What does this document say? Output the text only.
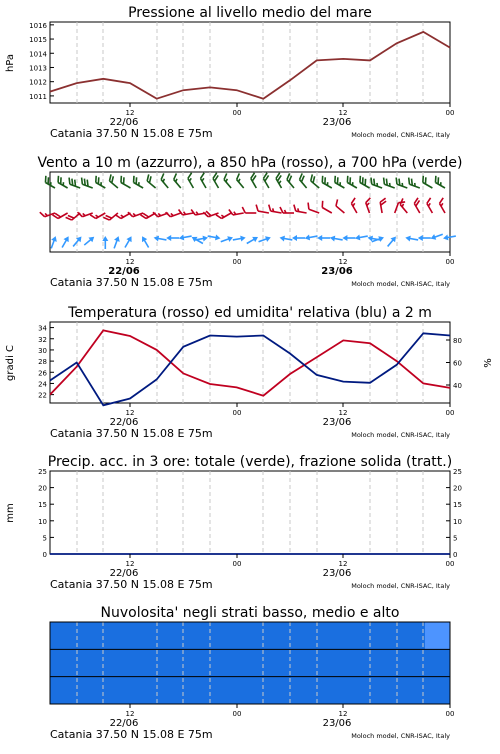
Pressione al livello medio del mare
1011
1012
1013
1014
1015
1016
hPa
12	00	12	00
22/06	23/06
Catania 37.50 N 15.08 E 75m	Moloch model, CNR-ISAC, Italy
Vento a 10 m (azzurro), a 850 hPa (rosso), a 700 hPa (verde)
12	00	12	00
22/06	23/06
Catania 37.50 N 15.08 E 75m	Moloch model, CNR-ISAC, Italy
Temperatura (rosso) ed umidita' relativa (blu) a 2 m
22
24
26
28
30
32
34
40
60
80
gradi C	%
12	00	12	00
22/06	23/06
Catania 37.50 N 15.08 E 75m	Moloch model, CNR-ISAC, Italy
Precip. acc. in 3 ore: totale (verde), frazione solida (tratt.)
0
5
10
15
20
25
0
5
10
15
20
25
mm
12	00	12	00
22/06	23/06
Catania 37.50 N 15.08 E 75m	Moloch model, CNR-ISAC, Italy
Nuvolosita' negli strati basso, medio e alto
12	00	12	00
22/06	23/06
Catania 37.50 N 15.08 E 75m	Moloch model, CNR-ISAC, Italy
